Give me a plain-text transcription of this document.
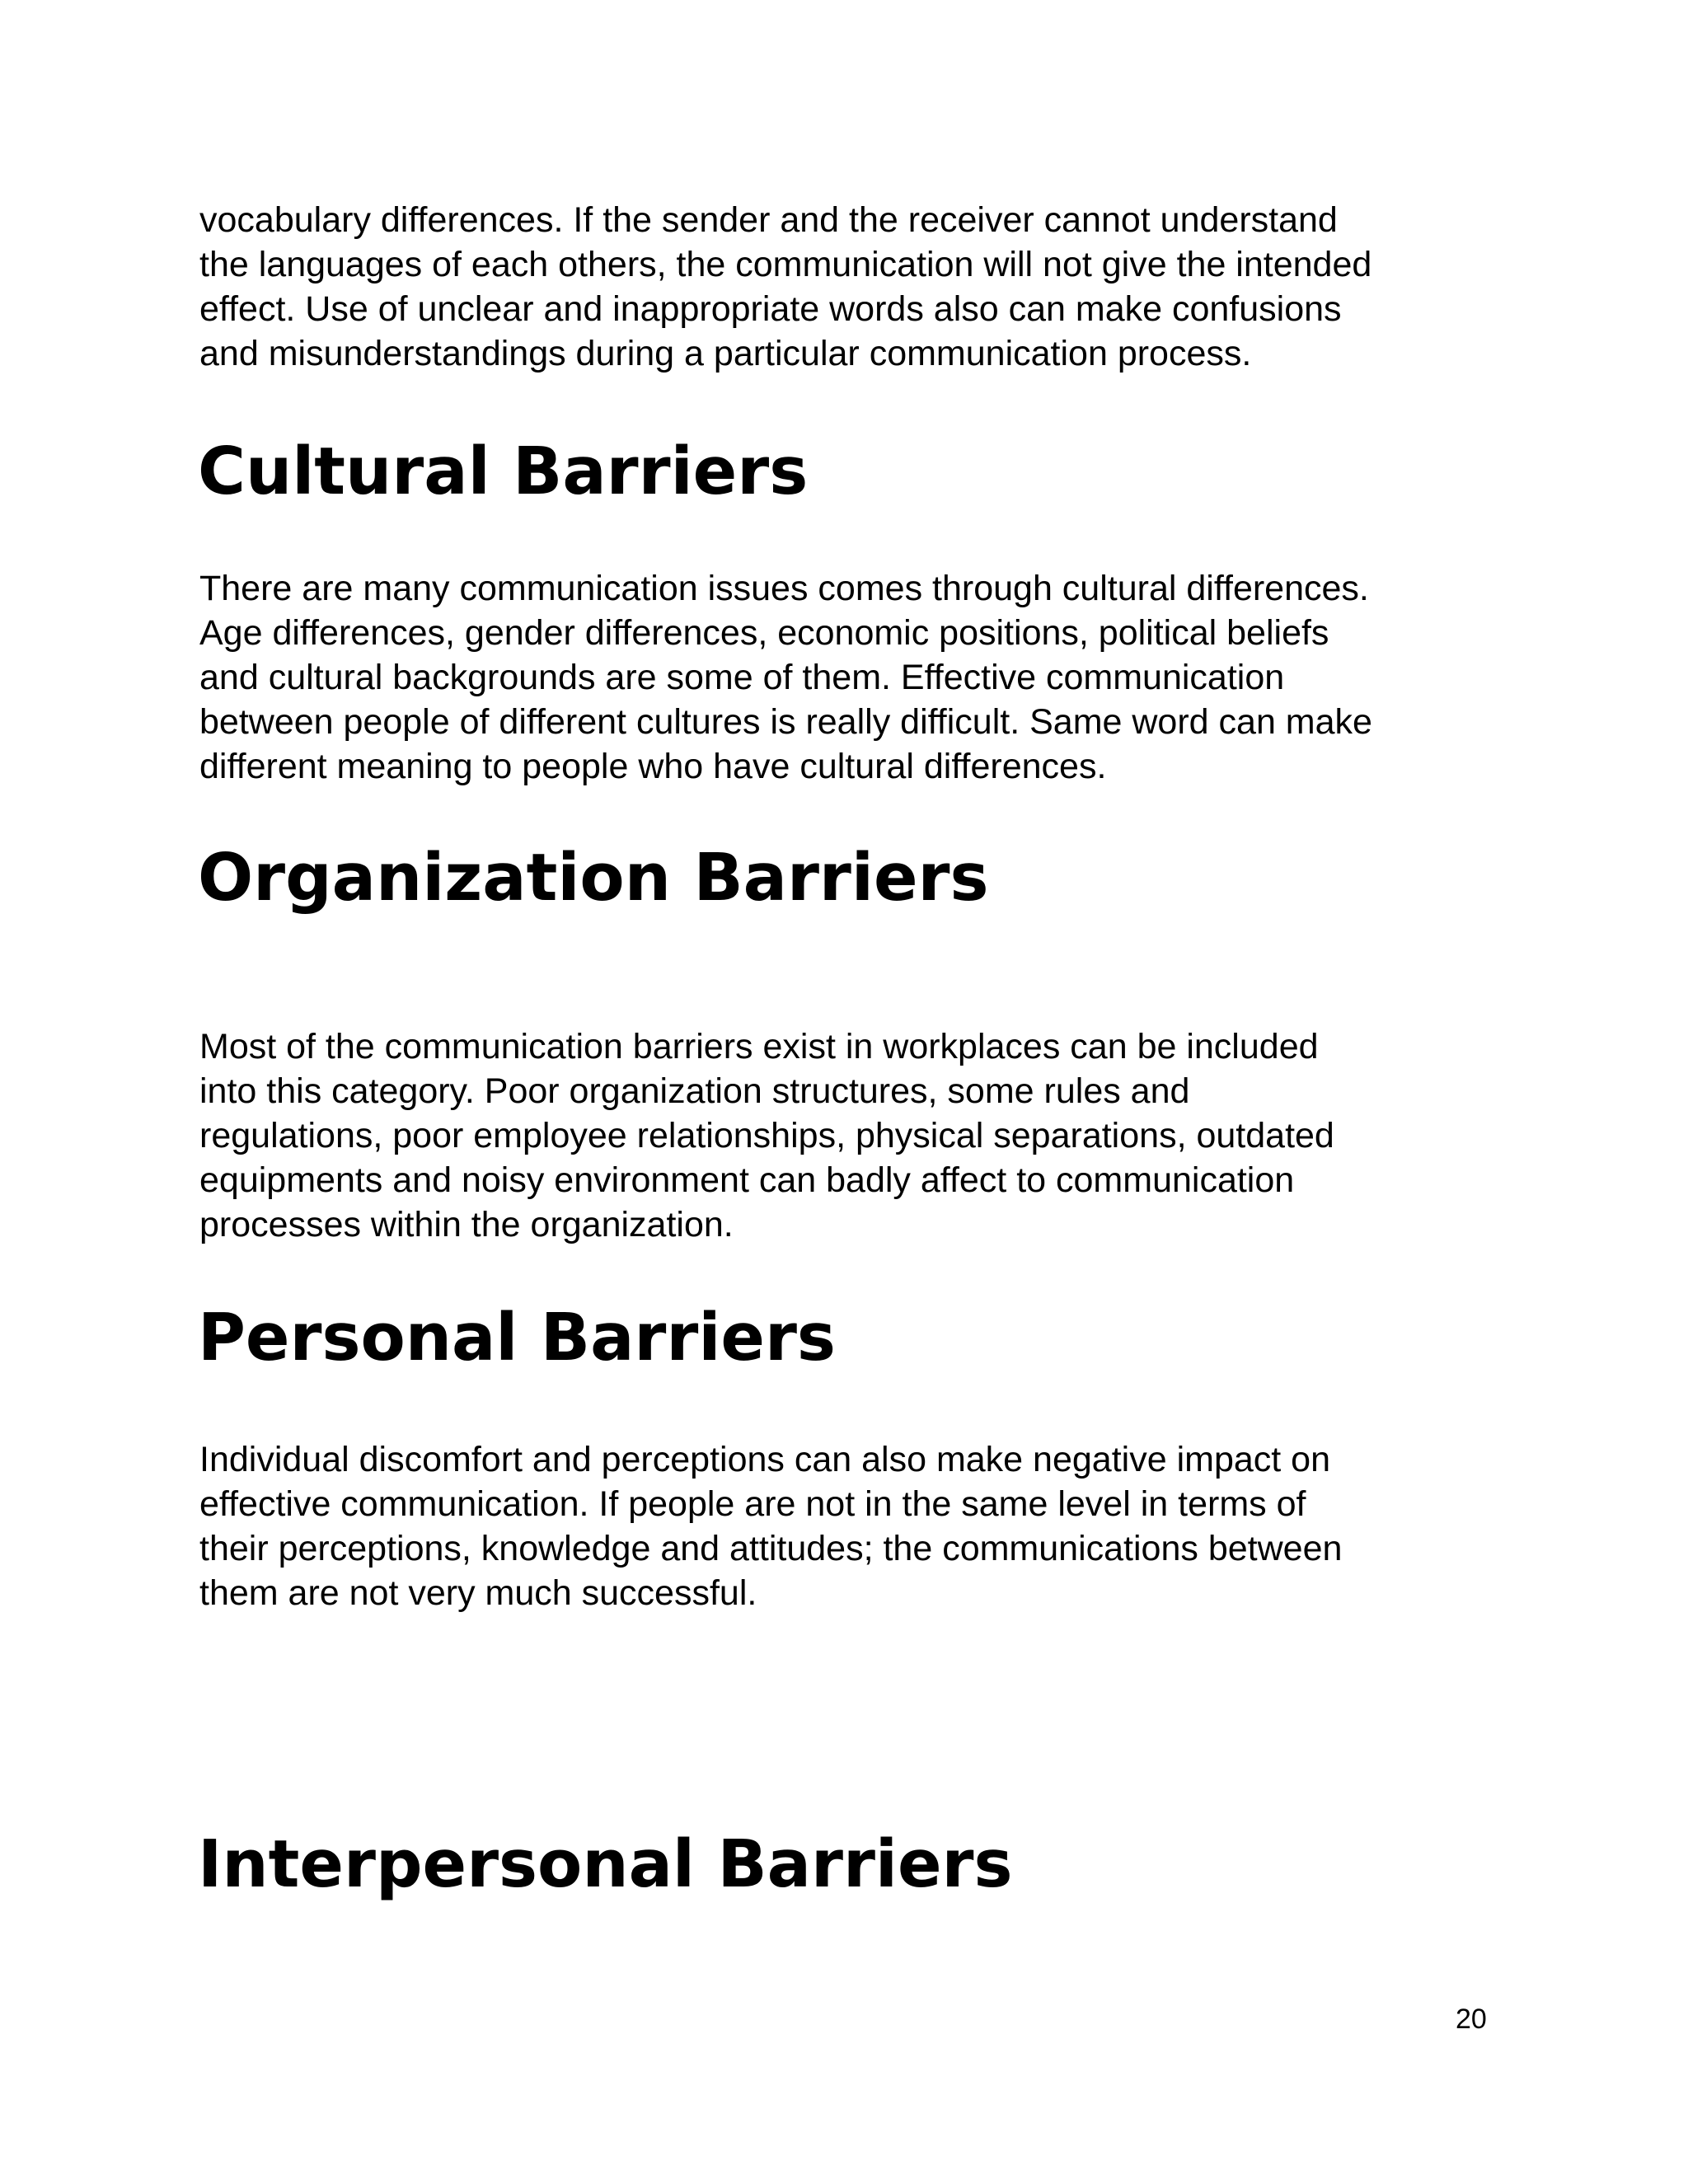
vocabulary differences. If the sender and the receiver cannot understand
the languages of each others, the communication will not give the intended
effect. Use of unclear and inappropriate words also can make confusions
and misunderstandings during a particular communication process.

Cultural Barriers

There are many communication issues comes through cultural differences.
Age differences, gender differences, economic positions, political beliefs
and cultural backgrounds are some of them. Effective communication
between people of different cultures is really difficult. Same word can make
different meaning to people who have cultural differences.

Organization Barriers

Most of the communication barriers exist in workplaces can be included
into this category. Poor organization structures, some rules and
regulations, poor employee relationships, physical separations, outdated
equipments and noisy environment can badly affect to communication
processes within the organization.

Personal Barriers

Individual discomfort and perceptions can also make negative impact on
effective communication. If people are not in the same level in terms of
their perceptions, knowledge and attitudes; the communications between
them are not very much successful.

Interpersonal Barriers
20
